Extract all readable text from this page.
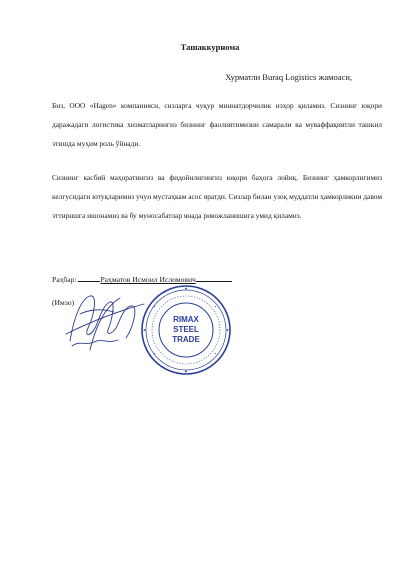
Ташаккурнома
Хурматли Buraq Logistics жамоаси,
Биз, ООО «Hagen» компанияси, сизларга чуқур миннатдорчилик изҳор қиламиз. Сизнинг юқори даражадаги логистика хизматларингиз бизнинг фаолиятимизни самарали ва муваффақиятли ташкил этишда муҳим роль ўйнади.
Сизнинг касбий маҳоратингиз ва фидойилигингиз юқори баҳога лойиқ. Бизнинг ҳамкорлигимиз келгусидаги ютуқларимиз учун мустаҳкам асос яратди. Сизлар билан узоқ муддатли ҳамкорликни давом эттиришга ишонамиз ва бу муносабатлар янада ривожланишига умид қиламиз.
Раҳбар:	Раҳматов Исмоил Исломович
(Имзо)
RIMAX
STEEL
TRADE
